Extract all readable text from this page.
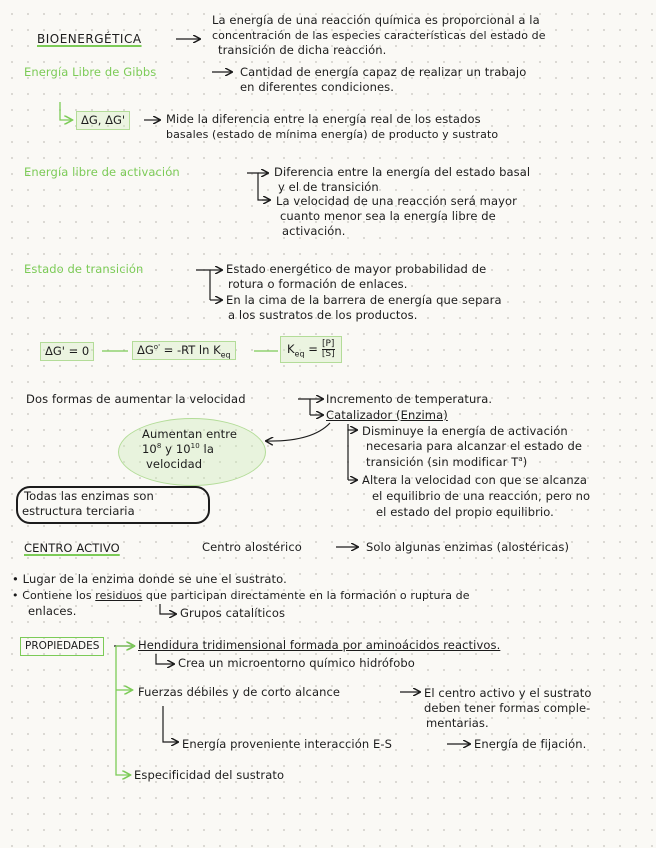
BIOENERGÉTICA
La energía de una reacción química es proporcional a la
concentración de las especies características del estado de
transición de dicha reacción.
Energía Libre de Gibbs	Cantidad de energía capaz de realizar un trabajo
en diferentes condiciones.
ΔG, ΔG'	Mide la diferencia entre la energía real de los estados
basales (estado de mínima energía) de producto y sustrato
Energía libre de activación	Diferencia entre la energía del estado basal
y el de transición
La velocidad de una reacción será mayor
cuanto menor sea la energía libre de
activación.
Estado de transición	Estado energético de mayor probabilidad de
rotura o formación de enlaces.
En la cima de la barrera de energía que separa
a los sustratos de los productos.
ΔG' = 0	$\Delta G^{o'} = -RT$ $\ln K_{eq}$	$K_{eq} = \frac{[P]}{[S]}$
Dos formas de aumentar la velocidad	Incremento de temperatura.
Catalizador (Enzima)
Aumentan entre
$10^8$ y $10^{10}$ la
velocidad
Disminuye la energía de activación
necesaria para alcanzar el estado de
transición (sin modificar $T^a$)
Altera la velocidad con que se alcanza
el equilibrio de una reacción, pero no
el estado del propio equilibrio.
Todas las enzimas son
estructura terciaria
CENTRO ACTIVO	Centro alostérico	Solo algunas enzimas (alostéricas)
• Lugar de la enzima donde se une el sustrato.
• Contiene los residuos que participan directamente en la formación o ruptura de
enlaces.	Grupos catalíticos
PROPIEDADES	Hendidura tridimensional formada por aminoácidos reactivos.
Crea un microentorno químico hidrófobo
Fuerzas débiles y de corto alcance	El centro activo y el sustrato
deben tener formas comple-
mentarias.
Energía proveniente interacción E-S	Energía de fijación.
Especificidad del sustrato
